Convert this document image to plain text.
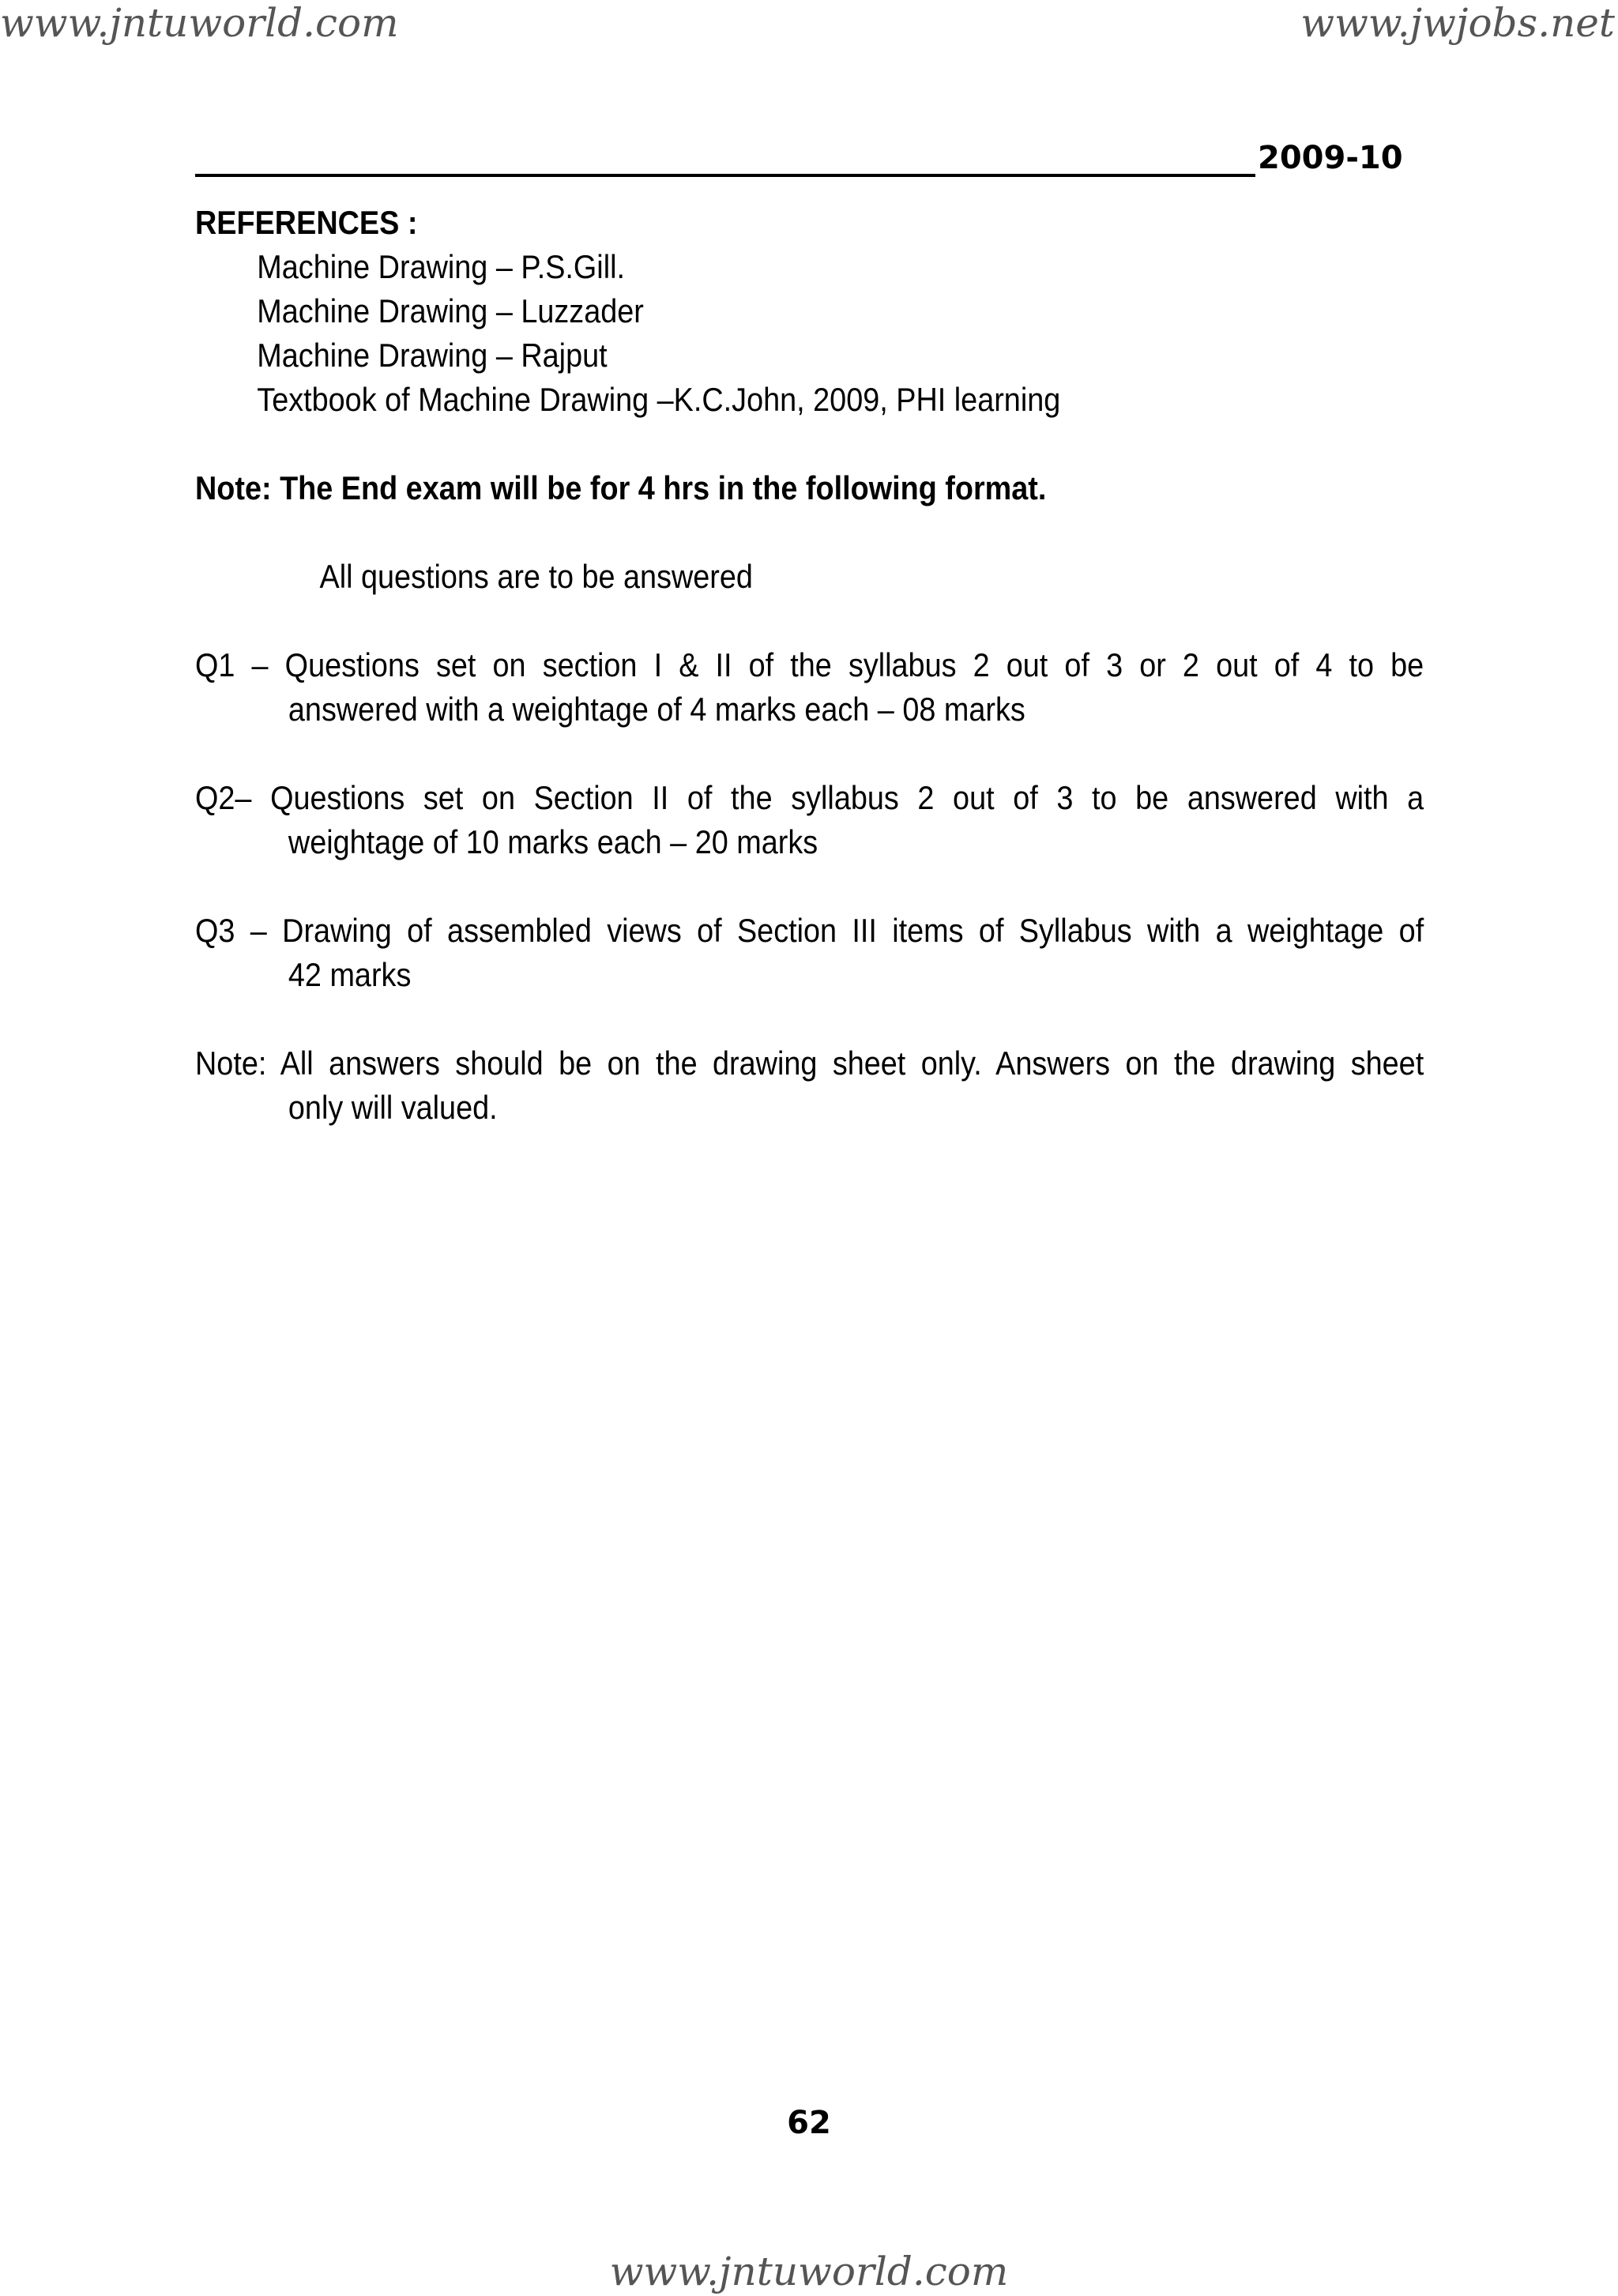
www.jntuworld.com	www.jwjobs.net
2009-10
REFERENCES :
Machine Drawing – P.S.Gill.
Machine Drawing – Luzzader
Machine Drawing – Rajput
Textbook of Machine Drawing –K.C.John, 2009, PHI learning
Note: The End exam will be for 4 hrs in the following format.
All questions are to be answered
Q1 – Questions set on section I & II of the syllabus 2 out of 3 or 2 out of 4 to be
answered with a weightage of 4 marks each – 08 marks
Q2– Questions set on Section II of the syllabus 2 out of 3 to be answered with a
weightage of 10 marks each – 20 marks
Q3 – Drawing of assembled views of Section III items of Syllabus with a weightage of
42 marks
Note: All answers should be on the drawing sheet only. Answers on the drawing sheet
only will valued.
62
www.jntuworld.com
